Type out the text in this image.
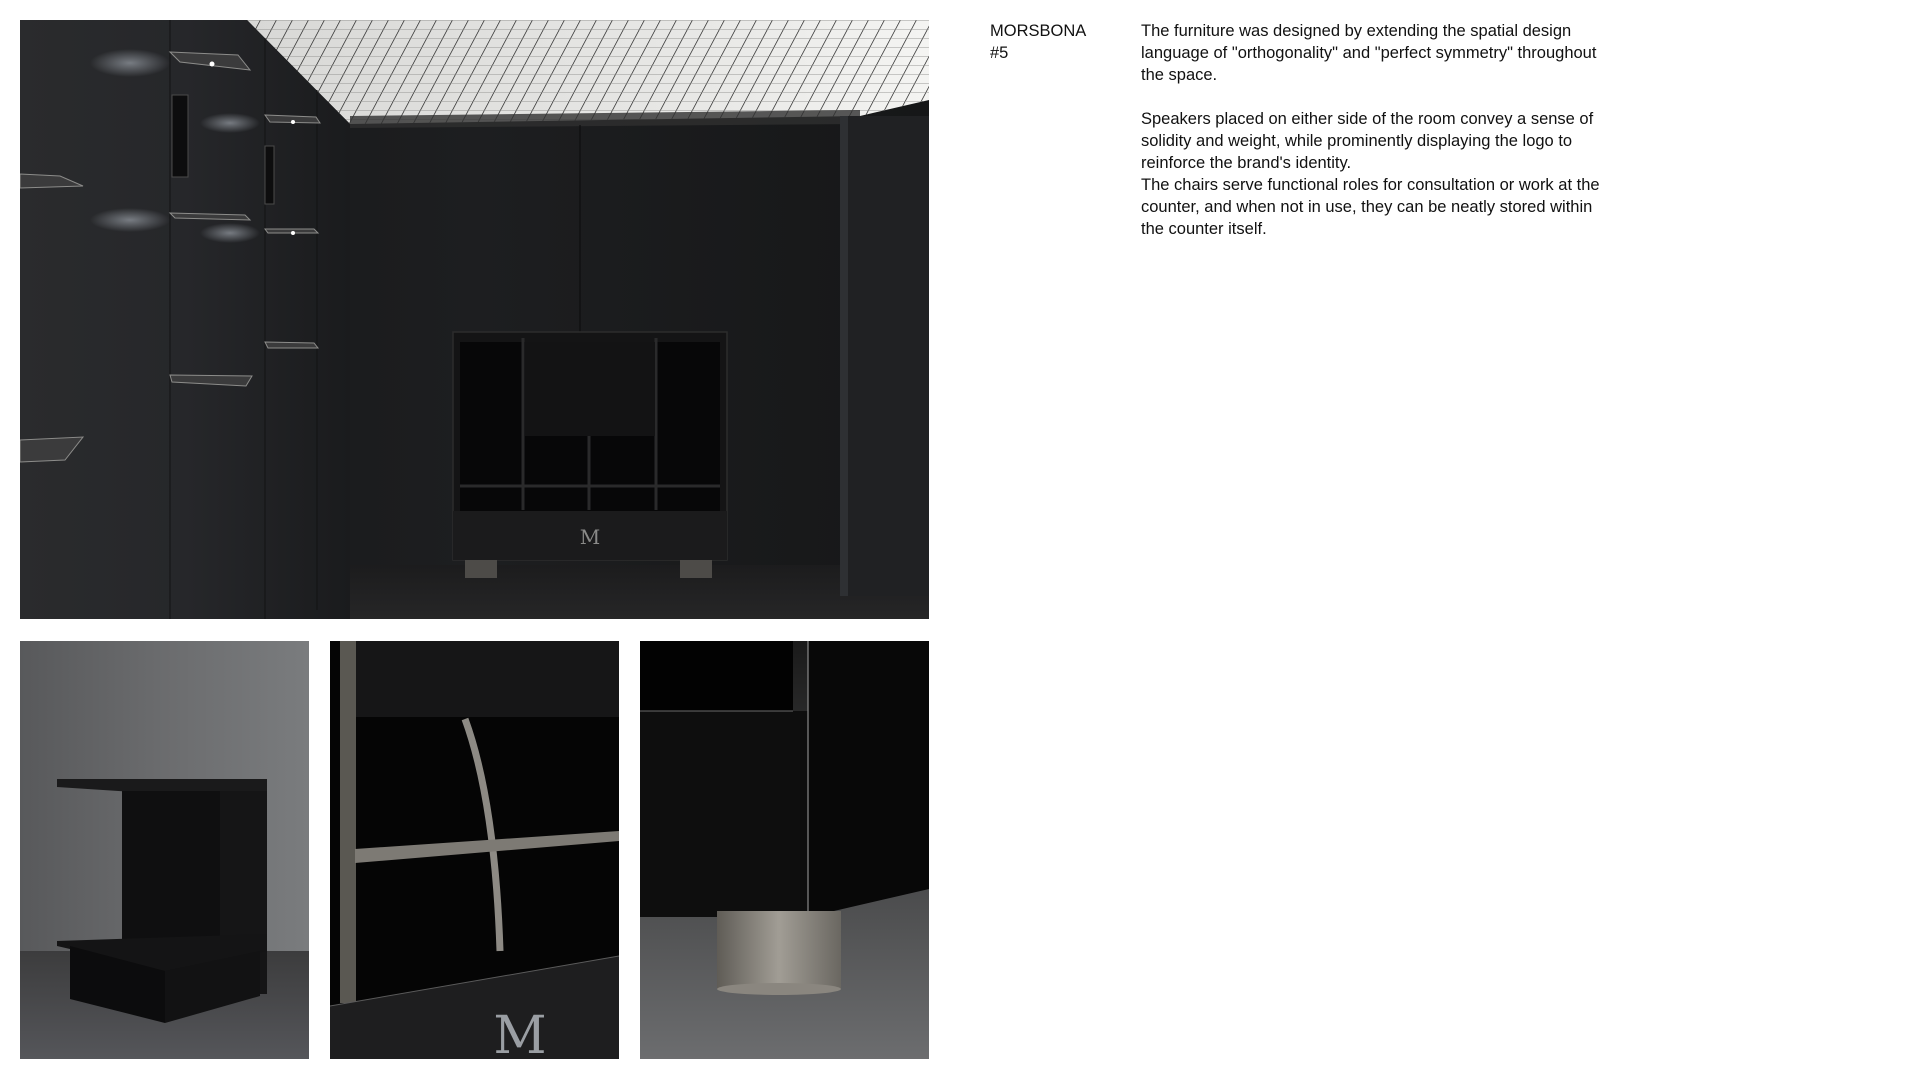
M
M
MORSBONA
#5

The furniture was designed by extending the spatial design language of "orthogonality" and "perfect symmetry" throughout the space.

Speakers placed on either side of the room convey a sense of solidity and weight, while prominently displaying the logo to reinforce the brand's identity.

The chairs serve functional roles for consultation or work at the counter, and when not in use, they can be neatly stored within the counter itself.
